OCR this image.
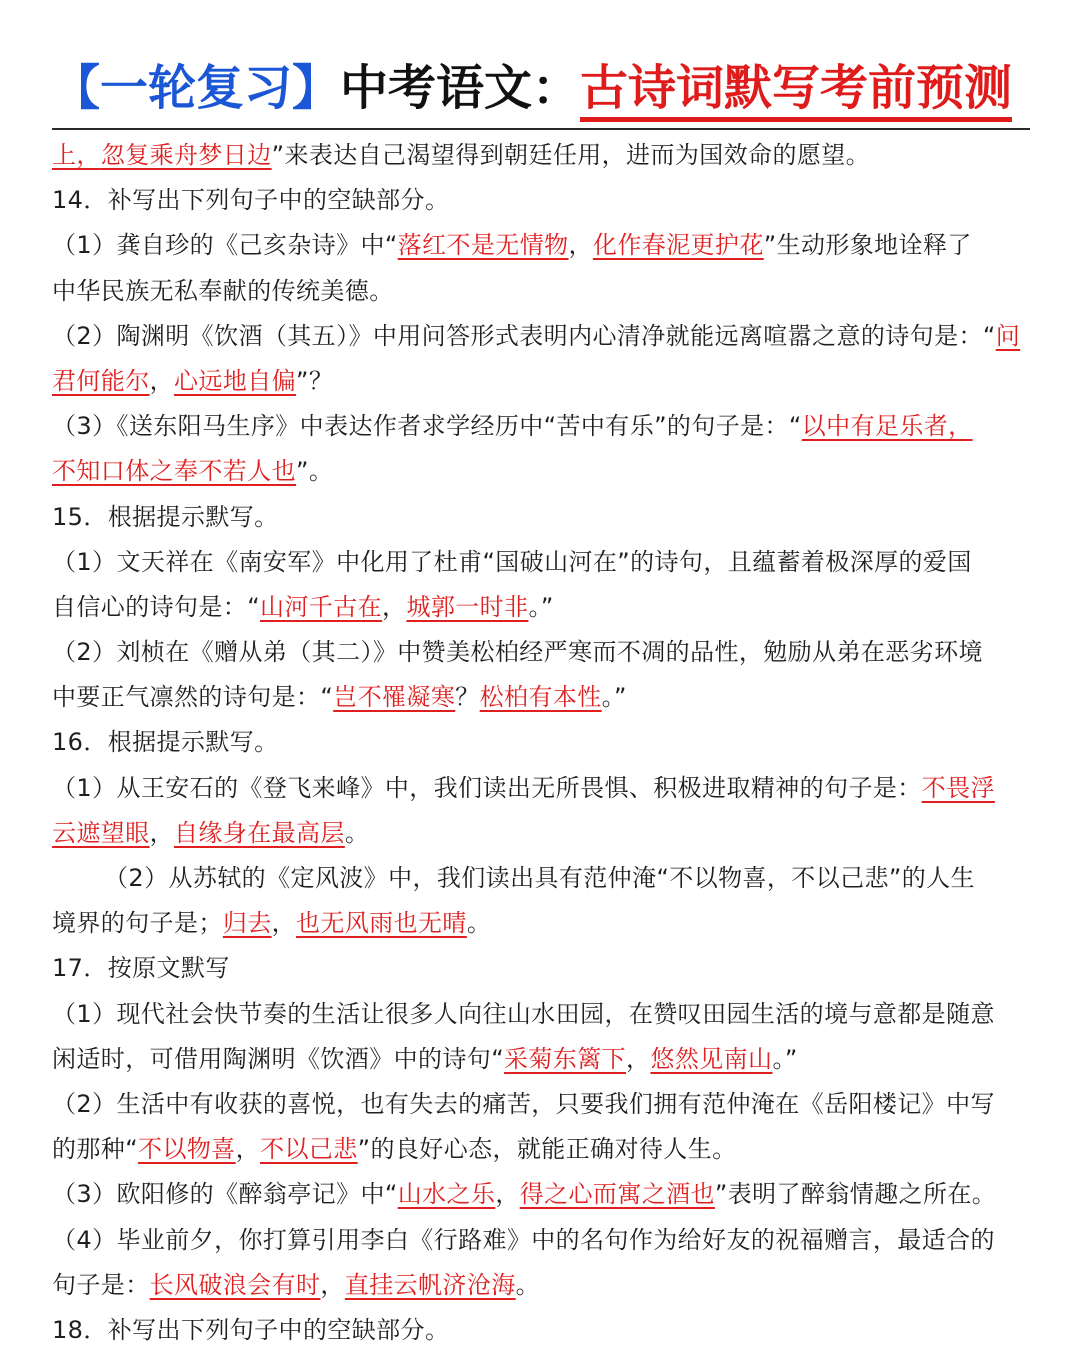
【一轮复习】中考语文：古诗词默写考前预测
上，忽复乘舟梦日边”来表达自己渴望得到朝廷任用，进而为国效命的愿望。
14．补写出下列句子中的空缺部分。
（1）龚自珍的《己亥杂诗》中“落红不是无情物，化作春泥更护花”生动形象地诠释了
中华民族无私奉献的传统美德。
（2）陶渊明《饮酒（其五）》中用问答形式表明内心清净就能远离喧嚣之意的诗句是：“问
君何能尔，心远地自偏”？
（3）《送东阳马生序》中表达作者求学经历中“苦中有乐”的句子是：“以中有足乐者，
不知口体之奉不若人也”。
15．根据提示默写。
（1）文天祥在《南安军》中化用了杜甫“国破山河在”的诗句，且蕴蓄着极深厚的爱国
自信心的诗句是：“山河千古在，城郭一时非。”
（2）刘桢在《赠从弟（其二）》中赞美松柏经严寒而不凋的品性，勉励从弟在恶劣环境
中要正气凛然的诗句是：“岂不罹凝寒？松柏有本性。”
16．根据提示默写。
（1）从王安石的《登飞来峰》中，我们读出无所畏惧、积极进取精神的句子是：不畏浮
云遮望眼，自缘身在最高层。
（2）从苏轼的《定风波》中，我们读出具有范仲淹“不以物喜，不以己悲”的人生
境界的句子是；归去，也无风雨也无晴。
17．按原文默写
（1）现代社会快节奏的生活让很多人向往山水田园，在赞叹田园生活的境与意都是随意
闲适时，可借用陶渊明《饮酒》中的诗句“采菊东篱下，悠然见南山。”
（2）生活中有收获的喜悦，也有失去的痛苦，只要我们拥有范仲淹在《岳阳楼记》中写
的那种“不以物喜，不以己悲”的良好心态，就能正确对待人生。
（3）欧阳修的《醉翁亭记》中“山水之乐，得之心而寓之酒也”表明了醉翁情趣之所在。
（4）毕业前夕，你打算引用李白《行路难》中的名句作为给好友的祝福赠言，最适合的
句子是：长风破浪会有时，直挂云帆济沧海。
18．补写出下列句子中的空缺部分。
